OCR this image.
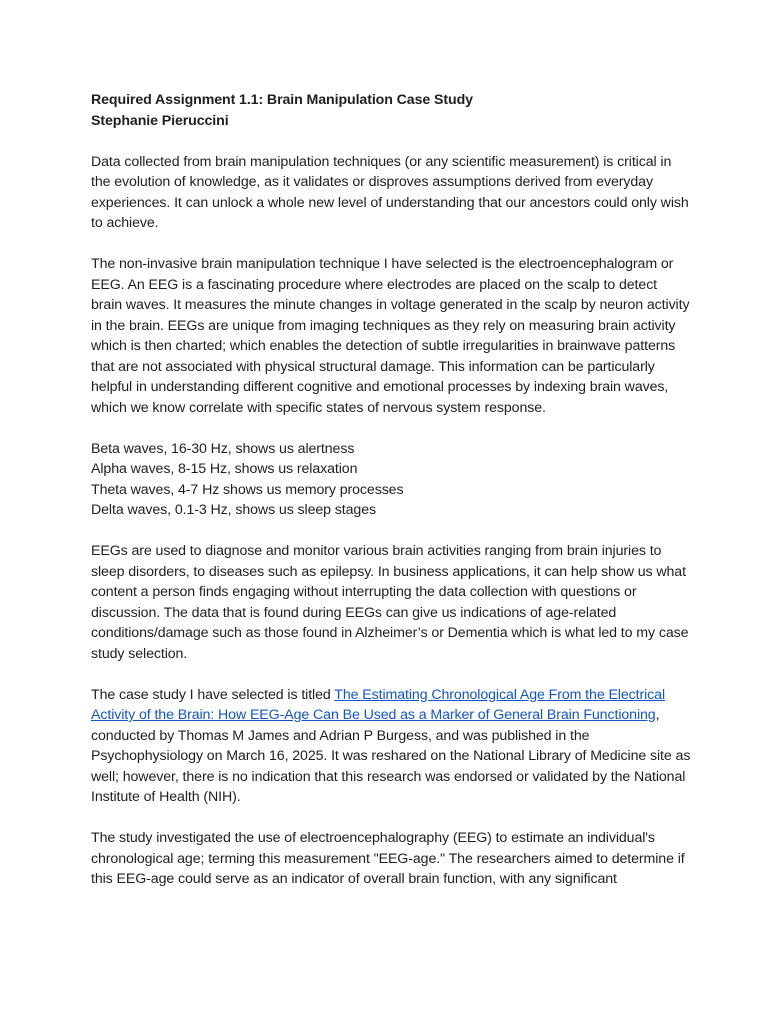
Required Assignment 1.1: Brain Manipulation Case Study
Stephanie Pieruccini

Data collected from brain manipulation techniques (or any scientific measurement) is critical in the evolution of knowledge, as it validates or disproves assumptions derived from everyday experiences. It can unlock a whole new level of understanding that our ancestors could only wish to achieve.

The non-invasive brain manipulation technique I have selected is the electroencephalogram or EEG. An EEG is a fascinating procedure where electrodes are placed on the scalp to detect brain waves. It measures the minute changes in voltage generated in the scalp by neuron activity in the brain. EEGs are unique from imaging techniques as they rely on measuring brain activity which is then charted; which enables the detection of subtle irregularities in brainwave patterns that are not associated with physical structural damage. This information can be particularly helpful in understanding different cognitive and emotional processes by indexing brain waves, which we know correlate with specific states of nervous system response.

Beta waves, 16-30 Hz, shows us alertness
Alpha waves, 8-15 Hz, shows us relaxation
Theta waves, 4-7 Hz shows us memory processes
Delta waves, 0.1-3 Hz, shows us sleep stages

EEGs are used to diagnose and monitor various brain activities ranging from brain injuries to sleep disorders, to diseases such as epilepsy. In business applications, it can help show us what content a person finds engaging without interrupting the data collection with questions or discussion. The data that is found during EEGs can give us indications of age-related conditions/damage such as those found in Alzheimer’s or Dementia which is what led to my case study selection.

The case study I have selected is titled The Estimating Chronological Age From the Electrical Activity of the Brain: How EEG-Age Can Be Used as a Marker of General Brain Functioning, conducted by Thomas M James and Adrian P Burgess, and was published in the Psychophysiology on March 16, 2025. It was reshared on the National Library of Medicine site as well; however, there is no indication that this research was endorsed or validated by the National Institute of Health (NIH).

The study investigated the use of electroencephalography (EEG) to estimate an individual's chronological age; terming this measurement "EEG-age." The researchers aimed to determine if this EEG-age could serve as an indicator of overall brain function, with any significant
